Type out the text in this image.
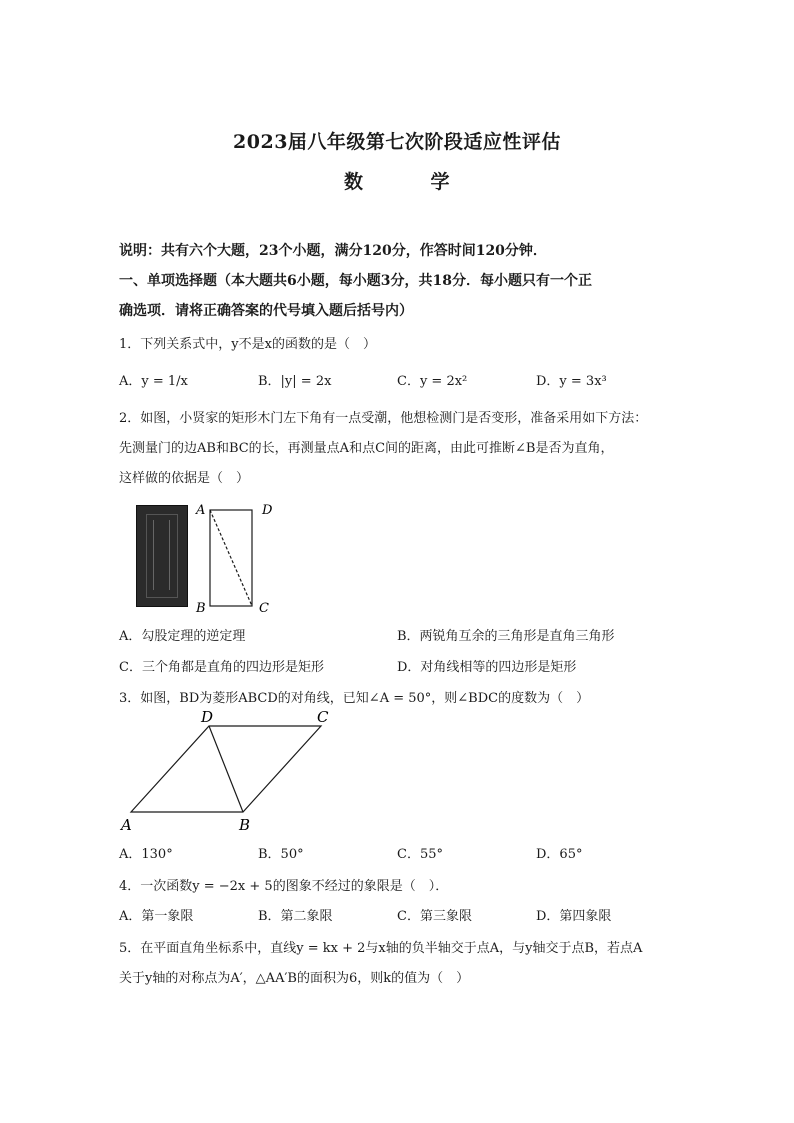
2023届八年级第七次阶段适应性评估
数 学
说明：共有六个大题，23个小题，满分120分，作答时间120分钟．
一、单项选择题（本大题共6小题，每小题3分，共18分．每小题只有一个正
确选项．请将正确答案的代号填入题后括号内）
1．下列关系式中，y不是x的函数的是（　）
A．y = 1/x	B．|y| = 2x	C．y = 2x²	D．y = 3x³
2．如图，小贤家的矩形木门左下角有一点受潮，他想检测门是否变形，准备采用如下方法：
先测量门的边AB和BC的长，再测量点A和点C间的距离，由此可推断∠B是否为直角，
这样做的依据是（　）
A	D
B	C
A．勾股定理的逆定理	B．两锐角互余的三角形是直角三角形
C．三个角都是直角的四边形是矩形	D．对角线相等的四边形是矩形
3．如图，BD为菱形ABCD的对角线，已知∠A = 50°，则∠BDC的度数为（　）
A	B
C
D
A．130°	B．50°	C．55°	D．65°
4．一次函数y = −2x + 5的图象不经过的象限是（　）．
A．第一象限	B．第二象限	C．第三象限	D．第四象限
5．在平面直角坐标系中，直线y = kx + 2与x轴的负半轴交于点A，与y轴交于点B，若点A
关于y轴的对称点为A′，△AA′B的面积为6，则k的值为（　）
